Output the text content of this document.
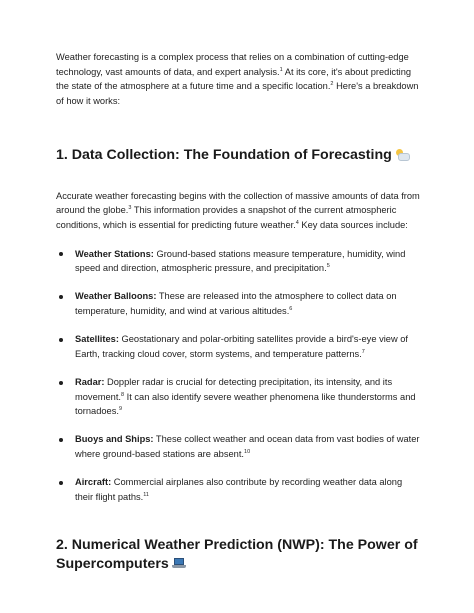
Weather forecasting is a complex process that relies on a combination of cutting-edge technology, vast amounts of data, and expert analysis.$^1$ At its core, it's about predicting the state of the atmosphere at a future time and a specific location.$^2$ Here's a breakdown of how it works:

1. Data Collection: The Foundation of Forecasting

Accurate weather forecasting begins with the collection of massive amounts of data from around the globe.$^3$ This information provides a snapshot of the current atmospheric conditions, which is essential for predicting future weather.$^4$ Key data sources include:

Weather Stations: Ground-based stations measure temperature, humidity, wind speed and direction, atmospheric pressure, and precipitation.$^5$
Weather Balloons: These are released into the atmosphere to collect data on temperature, humidity, and wind at various altitudes.$^6$
Satellites: Geostationary and polar-orbiting satellites provide a bird's-eye view of Earth, tracking cloud cover, storm systems, and temperature patterns.$^7$
Radar: Doppler radar is crucial for detecting precipitation, its intensity, and its movement.$^8$ It can also identify severe weather phenomena like thunderstorms and tornadoes.$^9$
Buoys and Ships: These collect weather and ocean data from vast bodies of water where ground-based stations are absent.$^{10}$
Aircraft: Commercial airplanes also contribute by recording weather data along their flight paths.$^{11}$
2. Numerical Weather Prediction (NWP): The Power of Supercomputers
